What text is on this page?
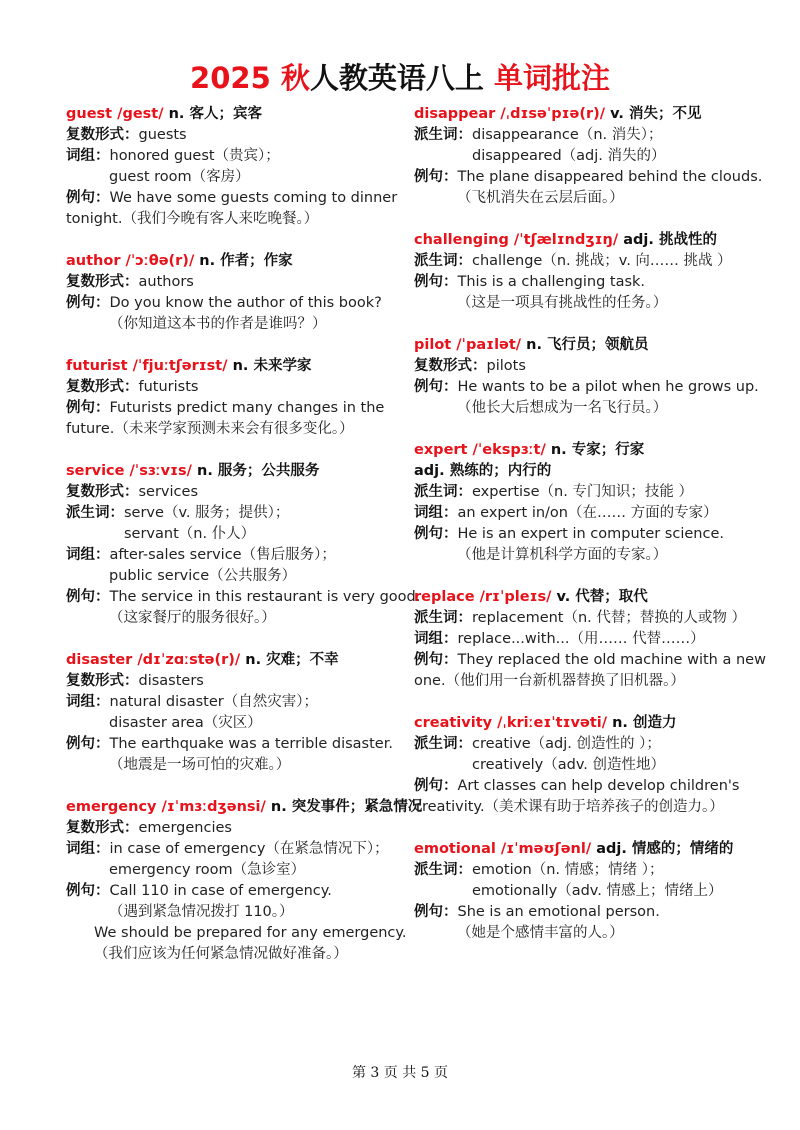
2025 秋人教英语八上 单词批注
guest /gest/ n. 客人；宾客
复数形式：guests
词组：honored guest（贵宾）；
guest room（客房）
例句：We have some guests coming to dinner
tonight.（我们今晚有客人来吃晚餐。）
author /ˈɔːθə(r)/ n. 作者；作家
复数形式：authors
例句：Do you know the author of this book?
（你知道这本书的作者是谁吗？）
futurist /ˈfjuːtʃərɪst/ n. 未来学家
复数形式：futurists
例句：Futurists predict many changes in the
future.（未来学家预测未来会有很多变化。）
service /ˈsɜːvɪs/ n. 服务；公共服务
复数形式：services
派生词：serve（v. 服务；提供）；
servant（n. 仆人）
词组：after-sales service（售后服务）；
public service（公共服务）
例句：The service in this restaurant is very good.
（这家餐厅的服务很好。）
disaster /dɪˈzɑːstə(r)/ n. 灾难；不幸
复数形式：disasters
词组：natural disaster（自然灾害）；
disaster area（灾区）
例句：The earthquake was a terrible disaster.
（地震是一场可怕的灾难。）
emergency /ɪˈmɜːdʒənsi/ n. 突发事件；紧急情况
复数形式：emergencies
词组：in case of emergency（在紧急情况下）；
emergency room（急诊室）
例句：Call 110 in case of emergency.
（遇到紧急情况拨打 110。）
We should be prepared for any emergency.
（我们应该为任何紧急情况做好准备。）
disappear /ˌdɪsəˈpɪə(r)/ v. 消失；不见
派生词：disappearance（n. 消失）；
disappeared（adj. 消失的）
例句：The plane disappeared behind the clouds.
（飞机消失在云层后面。）
challenging /ˈtʃælɪndʒɪŋ/ adj. 挑战性的
派生词：challenge（n. 挑战；v. 向…… 挑战 ）
例句：This is a challenging task.
（这是一项具有挑战性的任务。）
pilot /ˈpaɪlət/ n. 飞行员；领航员
复数形式：pilots
例句：He wants to be a pilot when he grows up.
（他长大后想成为一名飞行员。）
expert /ˈekspɜːt/ n. 专家；行家
adj. 熟练的；内行的
派生词：expertise（n. 专门知识；技能 ）
词组：an expert in/on（在…… 方面的专家）
例句：He is an expert in computer science.
（他是计算机科学方面的专家。）
replace /rɪˈpleɪs/ v. 代替；取代
派生词：replacement（n. 代替；替换的人或物 ）
词组：replace...with...（用…… 代替……）
例句：They replaced the old machine with a new
one.（他们用一台新机器替换了旧机器。）
creativity /ˌkriːeɪˈtɪvəti/ n. 创造力
派生词：creative（adj. 创造性的 ）；
creatively（adv. 创造性地）
例句：Art classes can help develop children's
creativity.（美术课有助于培养孩子的创造力。）
emotional /ɪˈməʊʃənl/ adj. 情感的；情绪的
派生词：emotion（n. 情感；情绪 ）；
emotionally（adv. 情感上；情绪上）
例句：She is an emotional person.
（她是个感情丰富的人。）
第 3 页 共 5 页
